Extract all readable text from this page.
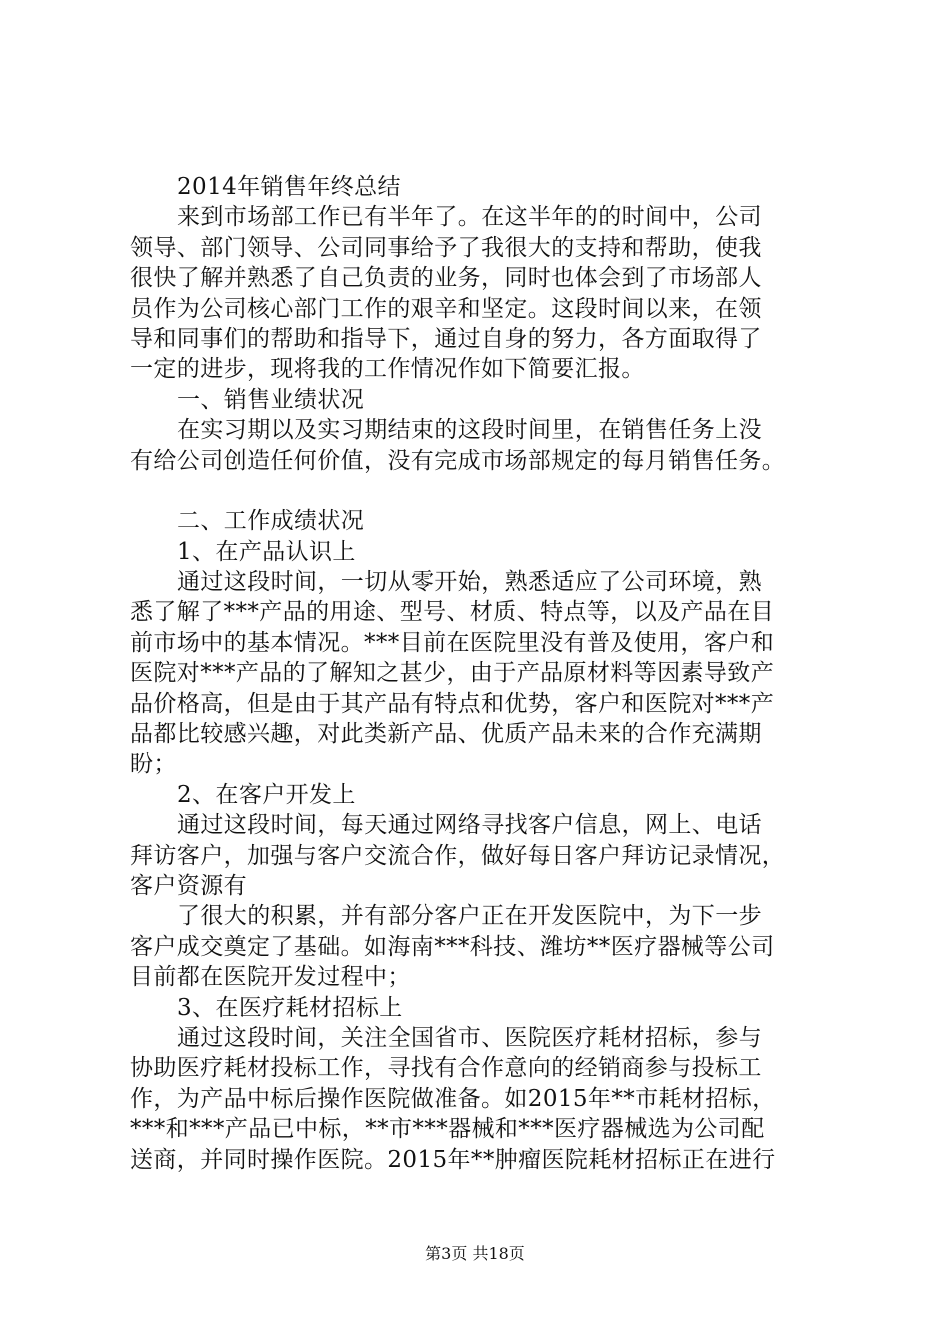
2014年销售年终总结
来到市场部工作已有半年了。在这半年的的时间中，公司
领导、部门领导、公司同事给予了我很大的支持和帮助，使我
很快了解并熟悉了自己负责的业务，同时也体会到了市场部人
员作为公司核心部门工作的艰辛和坚定。这段时间以来，在领
导和同事们的帮助和指导下，通过自身的努力，各方面取得了
一定的进步，现将我的工作情况作如下简要汇报。
一、销售业绩状况
在实习期以及实习期结束的这段时间里，在销售任务上没
有给公司创造任何价值，没有完成市场部规定的每月销售任务。
二、工作成绩状况
1、在产品认识上
通过这段时间，一切从零开始，熟悉适应了公司环境，熟
悉了解了***产品的用途、型号、材质、特点等，以及产品在目
前市场中的基本情况。***目前在医院里没有普及使用，客户和
医院对***产品的了解知之甚少，由于产品原材料等因素导致产
品价格高，但是由于其产品有特点和优势，客户和医院对***产
品都比较感兴趣，对此类新产品、优质产品未来的合作充满期
盼；
2、在客户开发上
通过这段时间，每天通过网络寻找客户信息，网上、电话
拜访客户，加强与客户交流合作，做好每日客户拜访记录情况，
客户资源有
了很大的积累，并有部分客户正在开发医院中，为下一步
客户成交奠定了基础。如海南***科技、潍坊**医疗器械等公司
目前都在医院开发过程中；
3、在医疗耗材招标上
通过这段时间，关注全国省市、医院医疗耗材招标，参与
协助医疗耗材投标工作，寻找有合作意向的经销商参与投标工
作，为产品中标后操作医院做准备。如2015年**市耗材招标，
***和***产品已中标，**市***器械和***医疗器械选为公司配
送商，并同时操作医院。2015年**肿瘤医院耗材招标正在进行
第3页 共18页
